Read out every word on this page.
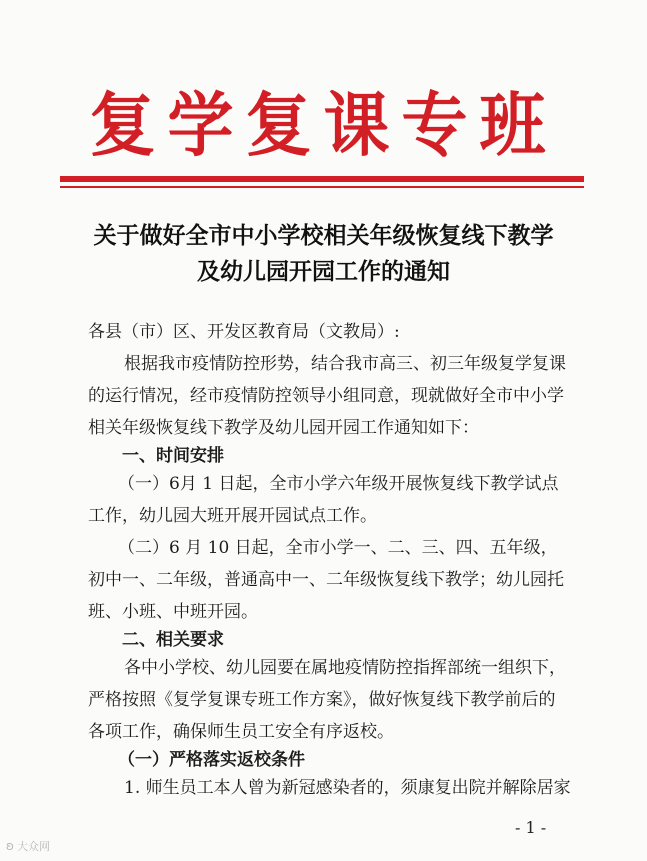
复学复课专班
关于做好全市中小学校相关年级恢复线下教学
及幼儿园开园工作的通知
各县（市）区、开发区教育局（文教局）:
根据我市疫情防控形势，结合我市高三、初三年级复学复课
的运行情况，经市疫情防控领导小组同意，现就做好全市中小学
相关年级恢复线下教学及幼儿园开园工作通知如下：
一、时间安排
（一）6月 1 日起，全市小学六年级开展恢复线下教学试点
工作，幼儿园大班开展开园试点工作。
（二）6 月 10 日起，全市小学一、二、三、四、五年级，
初中一、二年级，普通高中一、二年级恢复线下教学；幼儿园托
班、小班、中班开园。
二、相关要求
各中小学校、幼儿园要在属地疫情防控指挥部统一组织下，
严格按照《复学复课专班工作方案》，做好恢复线下教学前后的
各项工作，确保师生员工安全有序返校。
（一）严格落实返校条件
1. 师生员工本人曾为新冠感染者的，须康复出院并解除居家
- 1 -
ʚ 大众网
